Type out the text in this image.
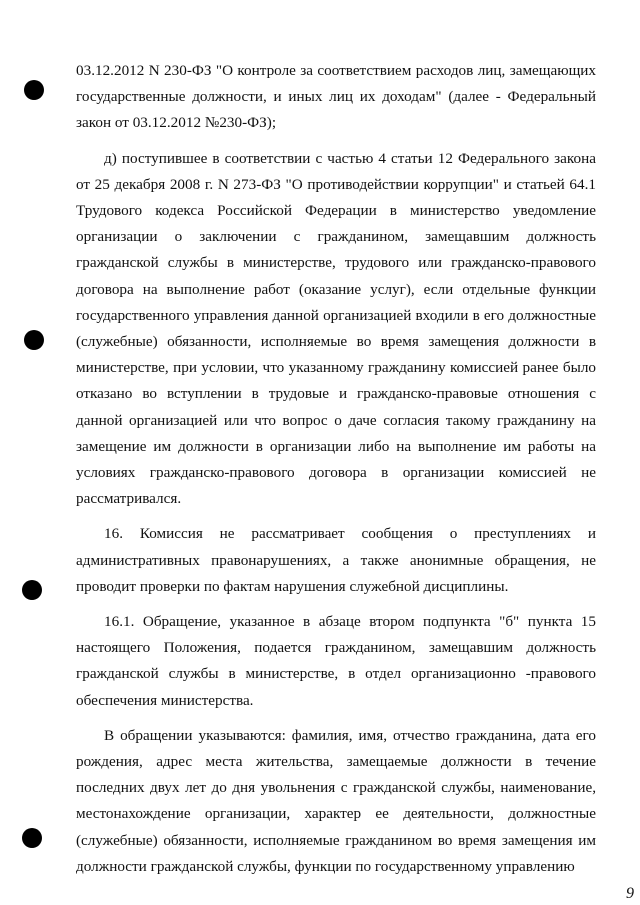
03.12.2012 N 230-ФЗ "О контроле за соответствием расходов лиц, замещающих государственные должности, и иных лиц их доходам" (далее - Федеральный закон от 03.12.2012 №230-ФЗ);

д) поступившее в соответствии с частью 4 статьи 12 Федерального закона от 25 декабря 2008 г. N 273-ФЗ "О противодействии коррупции" и статьей 64.1 Трудового кодекса Российской Федерации в министерство уведомление организации о заключении с гражданином, замещавшим должность гражданской службы в министерстве, трудового или гражданско-правового договора на выполнение работ (оказание услуг), если отдельные функции государственного управления данной организацией входили в его должностные (служебные) обязанности, исполняемые во время замещения должности в министерстве, при условии, что указанному гражданину комиссией ранее было отказано во вступлении в трудовые и гражданско-правовые отношения с данной организацией или что вопрос о даче согласия такому гражданину на замещение им должности в организации либо на выполнение им работы на условиях гражданско-правового договора в организации комиссией не рассматривался.

16. Комиссия не рассматривает сообщения о преступлениях и административных правонарушениях, а также анонимные обращения, не проводит проверки по фактам нарушения служебной дисциплины.

16.1. Обращение, указанное в абзаце втором подпункта "б" пункта 15 настоящего Положения, подается гражданином, замещавшим должность гражданской службы в министерстве, в отдел организационно -правового обеспечения министерства.

В обращении указываются: фамилия, имя, отчество гражданина, дата его рождения, адрес места жительства, замещаемые должности в течение последних двух лет до дня увольнения с гражданской службы, наименование, местонахождение организации, характер ее деятельности, должностные (служебные) обязанности, исполняемые гражданином во время замещения им должности гражданской службы, функции по государственному управлению

9
